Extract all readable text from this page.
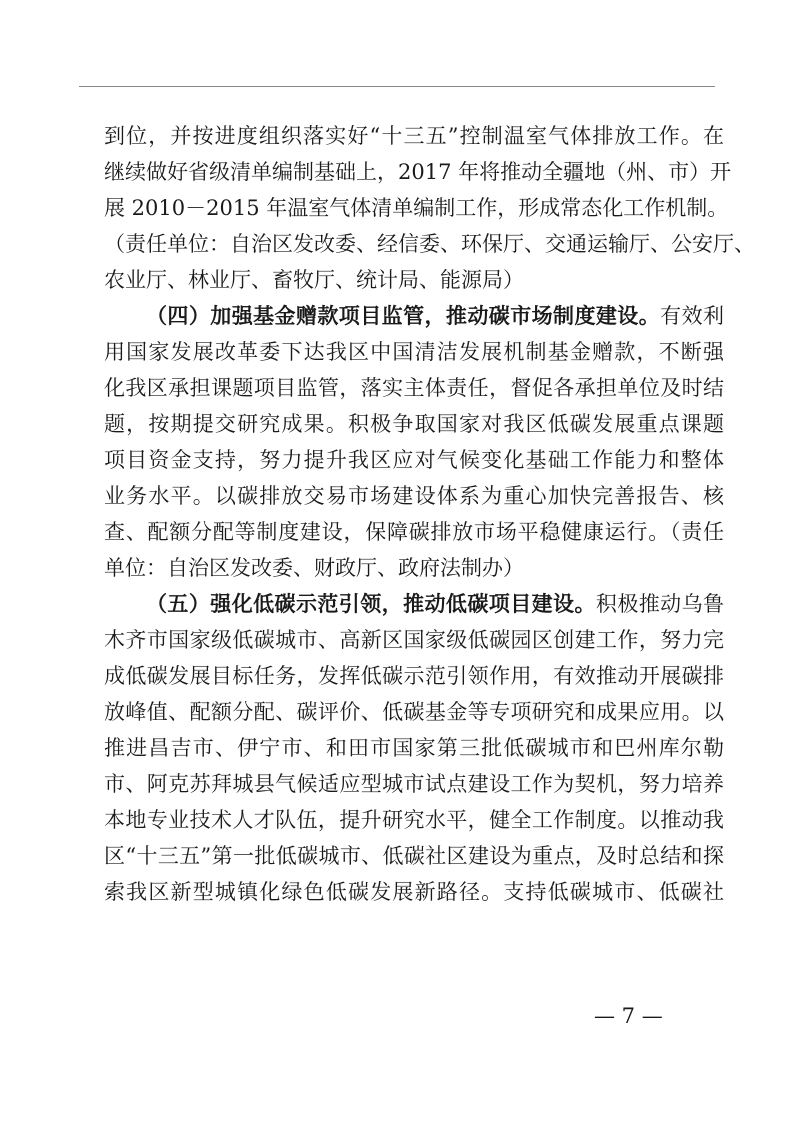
到位，并按进度组织落实好“十三五”控制温室气体排放工作。在
继续做好省级清单编制基础上，2017 年将推动全疆地（州、市）开
展 2010－2015 年温室气体清单编制工作，形成常态化工作机制。
（责任单位：自治区发改委、经信委、环保厅、交通运输厅、公安厅、
农业厅、林业厅、畜牧厅、统计局、能源局）
（四）加强基金赠款项目监管，推动碳市场制度建设。有效利
用国家发展改革委下达我区中国清洁发展机制基金赠款，不断强
化我区承担课题项目监管，落实主体责任，督促各承担单位及时结
题，按期提交研究成果。积极争取国家对我区低碳发展重点课题
项目资金支持，努力提升我区应对气候变化基础工作能力和整体
业务水平。以碳排放交易市场建设体系为重心加快完善报告、核
查、配额分配等制度建设，保障碳排放市场平稳健康运行。（责任
单位：自治区发改委、财政厅、政府法制办）
（五）强化低碳示范引领，推动低碳项目建设。积极推动乌鲁
木齐市国家级低碳城市、高新区国家级低碳园区创建工作，努力完
成低碳发展目标任务，发挥低碳示范引领作用，有效推动开展碳排
放峰值、配额分配、碳评价、低碳基金等专项研究和成果应用。以
推进昌吉市、伊宁市、和田市国家第三批低碳城市和巴州库尔勒
市、阿克苏拜城县气候适应型城市试点建设工作为契机，努力培养
本地专业技术人才队伍，提升研究水平，健全工作制度。以推动我
区“十三五”第一批低碳城市、低碳社区建设为重点，及时总结和探
索我区新型城镇化绿色低碳发展新路径。支持低碳城市、低碳社
— 7 —
